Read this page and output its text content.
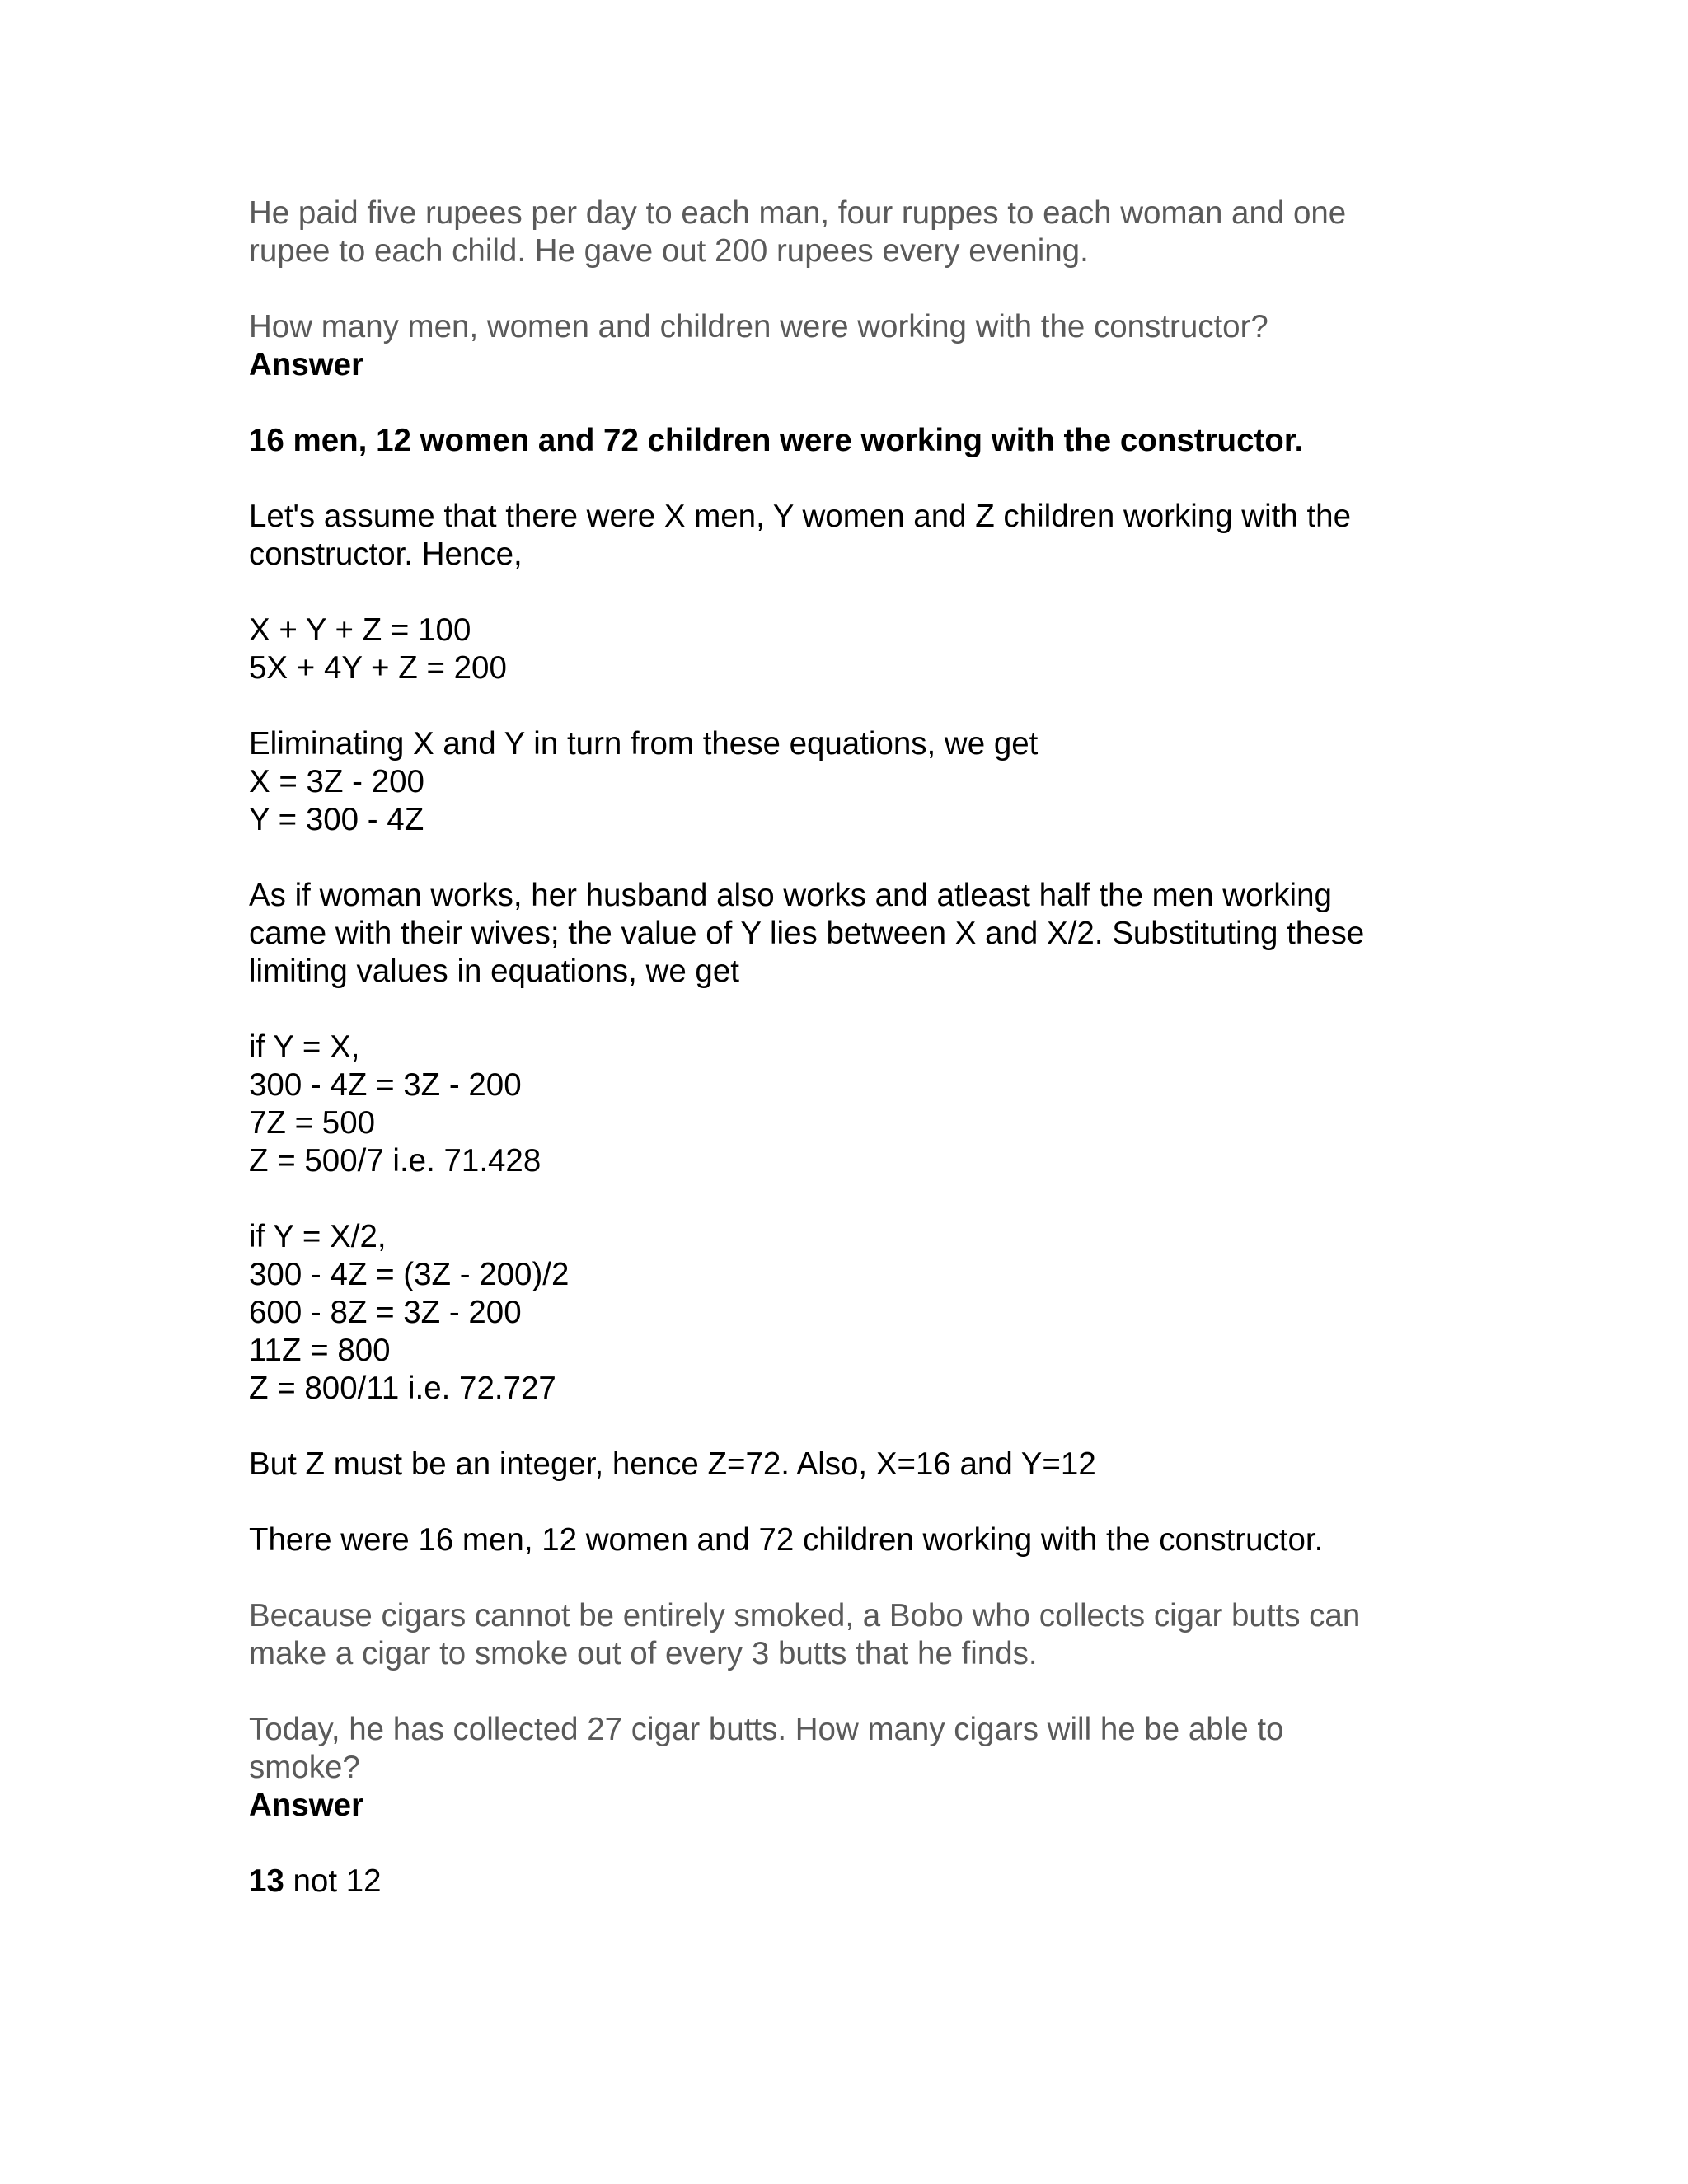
He paid five rupees per day to each man, four ruppes to each woman and one
rupee to each child. He gave out 200 rupees every evening.
How many men, women and children were working with the constructor?
Answer
16 men, 12 women and 72 children were working with the constructor.
Let's assume that there were X men, Y women and Z children working with the
constructor. Hence,
X + Y + Z = 100
5X + 4Y + Z = 200
Eliminating X and Y in turn from these equations, we get
X = 3Z - 200
Y = 300 - 4Z
As if woman works, her husband also works and atleast half the men working
came with their wives; the value of Y lies between X and X/2. Substituting these
limiting values in equations, we get
if Y = X,
300 - 4Z = 3Z - 200
7Z = 500
Z = 500/7 i.e. 71.428
if Y = X/2,
300 - 4Z = (3Z - 200)/2
600 - 8Z = 3Z - 200
11Z = 800
Z = 800/11 i.e. 72.727
But Z must be an integer, hence Z=72. Also, X=16 and Y=12
There were 16 men, 12 women and 72 children working with the constructor.
Because cigars cannot be entirely smoked, a Bobo who collects cigar butts can
make a cigar to smoke out of every 3 butts that he finds.
Today, he has collected 27 cigar butts. How many cigars will he be able to
smoke?
Answer
13 not 12
